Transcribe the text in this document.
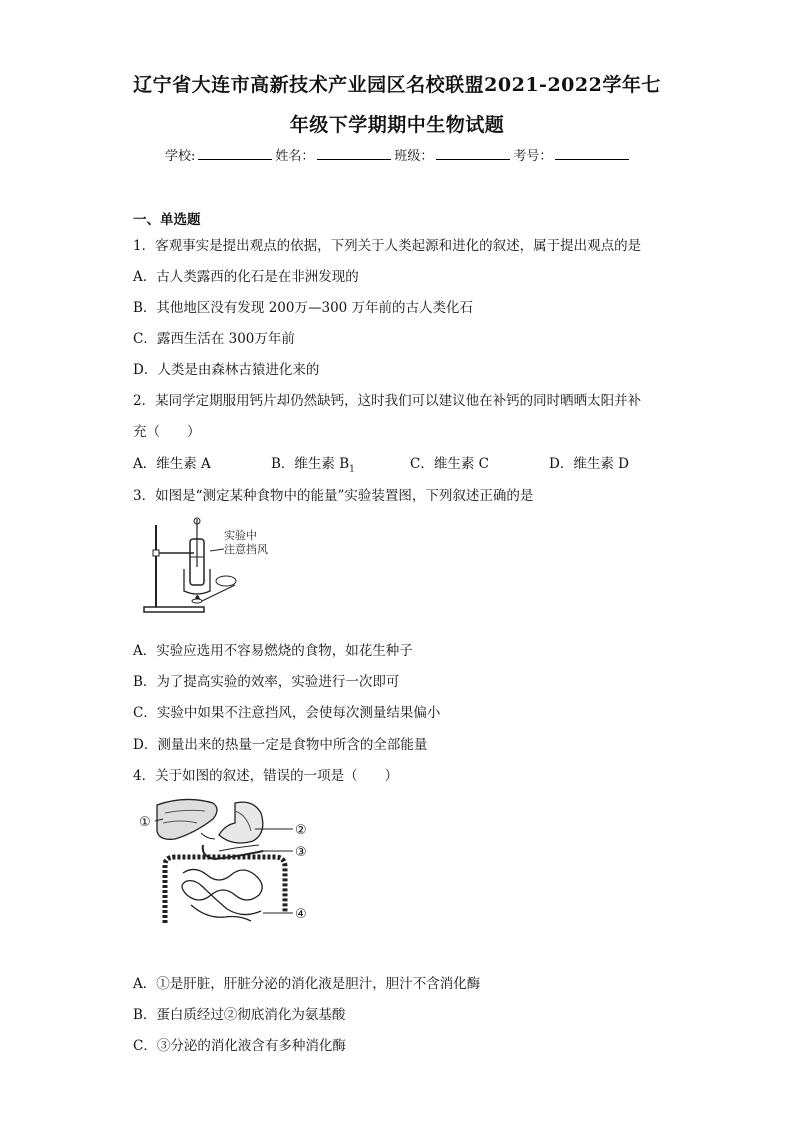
辽宁省大连市高新技术产业园区名校联盟2021-2022学年七
年级下学期期中生物试题
学校:	姓名：	班级：	考号：
一、单选题
1．客观事实是提出观点的依据，下列关于人类起源和进化的叙述，属于提出观点的是
A．古人类露西的化石是在非洲发现的
B．其他地区没有发现 200万—300 万年前的古人类化石
C．露西生活在 300万年前
D．人类是由森林古猿进化来的
2．某同学定期服用钙片却仍然缺钙，这时我们可以建议他在补钙的同时晒晒太阳并补
充（　　）
A．维生素 A	B．维生素 $B_1$	C．维生素 C	D．维生素 D
3．如图是“测定某种食物中的能量”实验装置图，下列叙述正确的是
实验中
注意挡风
A．实验应选用不容易燃烧的食物，如花生种子
B．为了提高实验的效率，实验进行一次即可
C．实验中如果不注意挡风，会使每次测量结果偏小
D．测量出来的热量一定是食物中所含的全部能量
4．关于如图的叙述，错误的一项是（　　）
①
②
③
④
A．①是肝脏，肝脏分泌的消化液是胆汁，胆汁不含消化酶
B．蛋白质经过②彻底消化为氨基酸
C．③分泌的消化液含有多种消化酶
